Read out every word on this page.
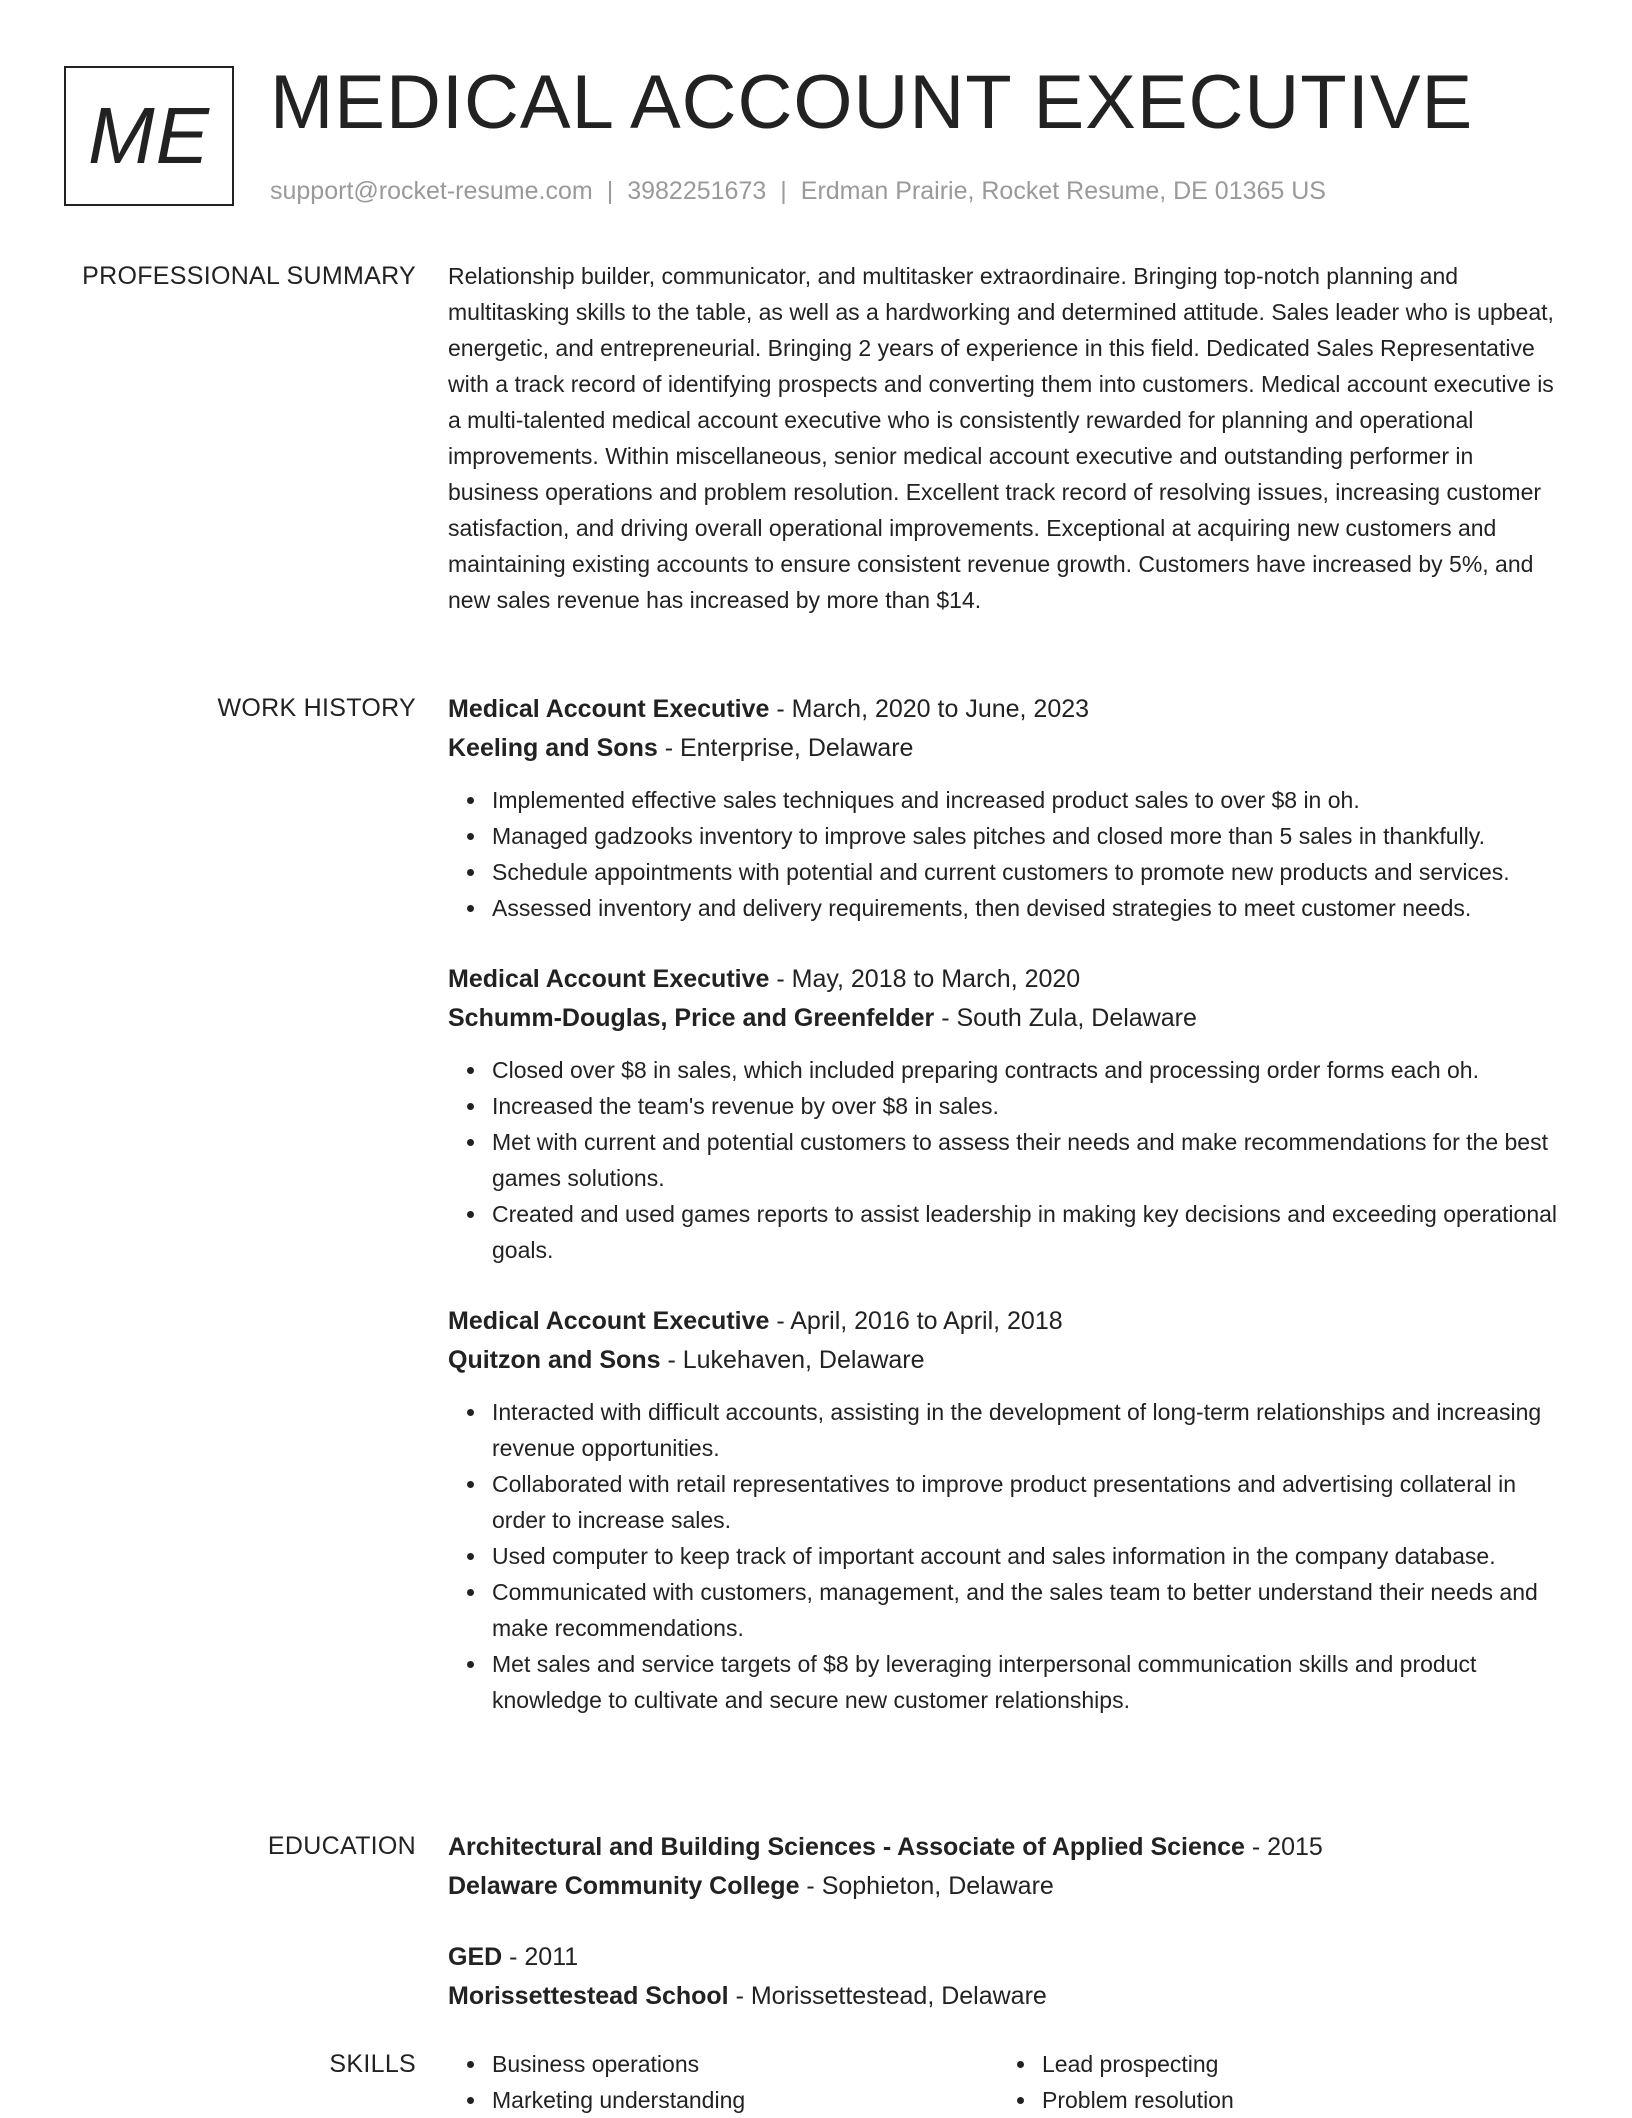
ME MEDICAL ACCOUNT EXECUTIVE
support@rocket-resume.com | 3982251673 | Erdman Prairie, Rocket Resume, DE 01365 US
PROFESSIONAL SUMMARY Relationship builder, communicator, and multitasker extraordinaire. Bringing top-notch planning and multitasking skills to the table, as well as a hardworking and determined attitude. Sales leader who is upbeat, energetic, and entrepreneurial. Bringing 2 years of experience in this field. Dedicated Sales Representative with a track record of identifying prospects and converting them into customers. Medical account executive is a multi-talented medical account executive who is consistently rewarded for planning and operational improvements. Within miscellaneous, senior medical account executive and outstanding performer in business operations and problem resolution. Excellent track record of resolving issues, increasing customer satisfaction, and driving overall operational improvements. Exceptional at acquiring new customers and maintaining existing accounts to ensure consistent revenue growth. Customers have increased by 5%, and new sales revenue has increased by more than $14.

WORK HISTORY Medical Account Executive - March, 2020 to June, 2023
Keeling and Sons - Enterprise, Delaware
Implemented effective sales techniques and increased product sales to over $8 in oh.
Managed gadzooks inventory to improve sales pitches and closed more than 5 sales in thankfully.
Schedule appointments with potential and current customers to promote new products and services.
Assessed inventory and delivery requirements, then devised strategies to meet customer needs.
Medical Account Executive - May, 2018 to March, 2020
Schumm-Douglas, Price and Greenfelder - South Zula, Delaware
Closed over $8 in sales, which included preparing contracts and processing order forms each oh.
Increased the team's revenue by over $8 in sales.
Met with current and potential customers to assess their needs and make recommendations for the best games solutions.
Created and used games reports to assist leadership in making key decisions and exceeding operational goals.
Medical Account Executive - April, 2016 to April, 2018
Quitzon and Sons - Lukehaven, Delaware
Interacted with difficult accounts, assisting in the development of long-term relationships and increasing revenue opportunities.
Collaborated with retail representatives to improve product presentations and advertising collateral in order to increase sales.
Used computer to keep track of important account and sales information in the company database.
Communicated with customers, management, and the sales team to better understand their needs and make recommendations.
Met sales and service targets of $8 by leveraging interpersonal communication skills and product knowledge to cultivate and secure new customer relationships.
EDUCATION Architectural and Building Sciences - Associate of Applied Science - 2015
Delaware Community College - Sophieton, Delaware
GED - 2011
Morissettestead School - Morissettestead, Delaware
SKILLS	Business operations
Marketing understanding
Lead prospecting
Problem resolution
